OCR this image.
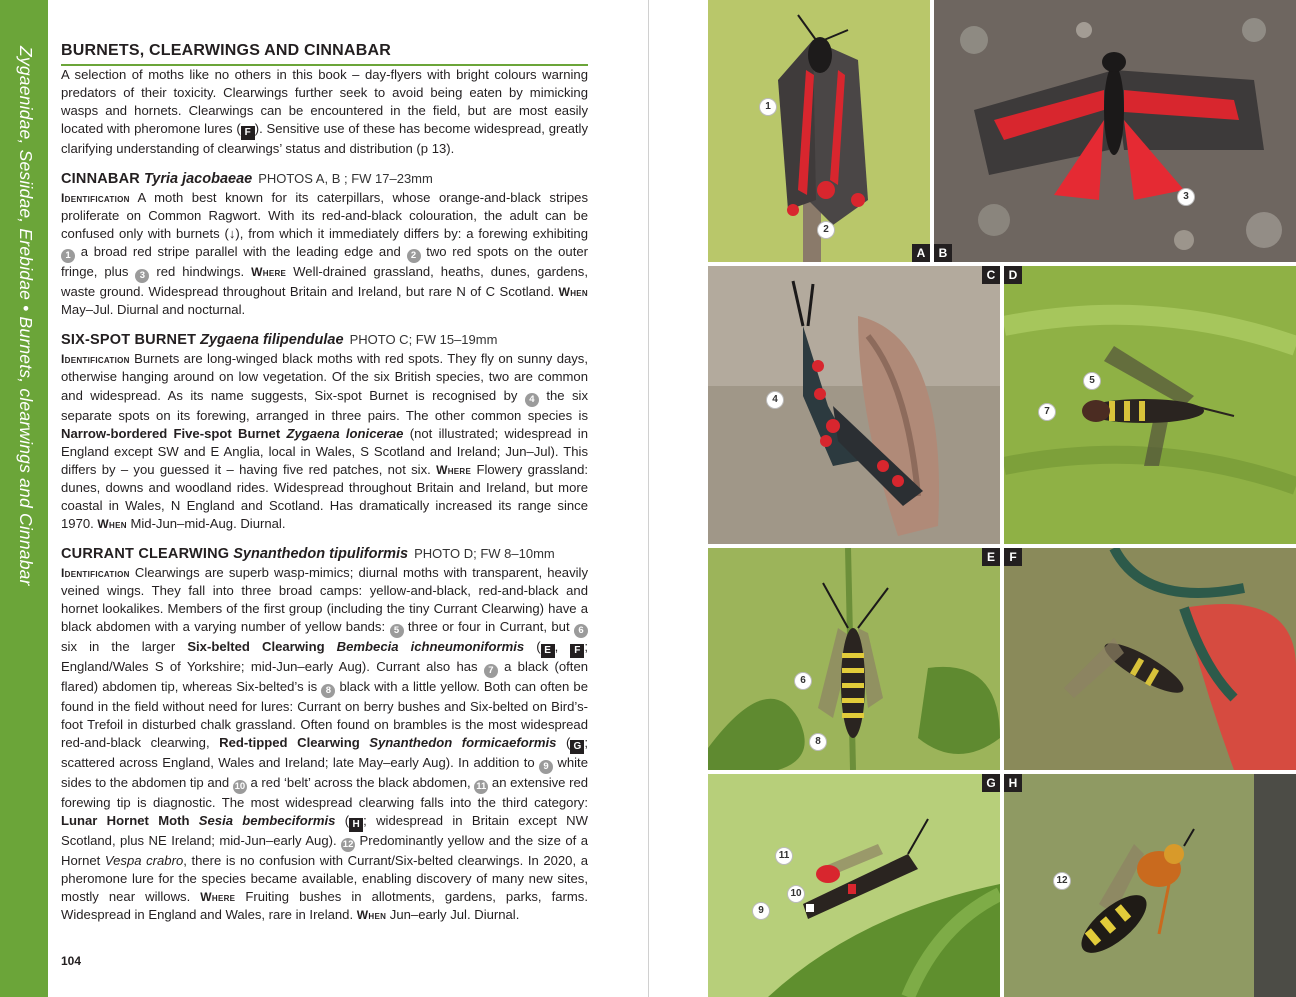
Zygaenidae, Sesiidae, Erebidae • Burnets, clearwings and Cinnabar
BURNETS, CLEARWINGS AND CINNABAR

A selection of moths like no others in this book – day-flyers with bright colours warning predators of their toxicity. Clearwings further seek to avoid being eaten by mimicking wasps and hornets. Clearwings can be encountered in the field, but are most easily located with pheromone lures ( F ). Sensitive use of these has become widespread, greatly clarifying understanding of clearwings’ status and distribution (p 13).

CINNABAR Tyria jacobaeae PHOTOS A, B ; FW 17–23mm

Identification A moth best known for its caterpillars, whose orange-and-black stripes proliferate on Common Ragwort. With its red-and-black colouration, the adult can be confused only with burnets (↓), from which it immediately differs by: a forewing exhibiting 1 a broad red stripe parallel with the leading edge and 2 two red spots on the outer fringe, plus 3 red hindwings. Where Well-drained grassland, heaths, dunes, gardens, waste ground. Widespread throughout Britain and Ireland, but rare N of C Scotland. When May–Jul. Diurnal and nocturnal.

SIX-SPOT BURNET Zygaena filipendulae PHOTO C; FW 15–19mm

Identification Burnets are long-winged black moths with red spots. They fly on sunny days, otherwise hanging around on low vegetation. Of the six British species, two are common and widespread. As its name suggests, Six-spot Burnet is recognised by 4 the six separate spots on its forewing, arranged in three pairs. The other common species is Narrow-bordered Five-spot Burnet Zygaena lonicerae (not illustrated; widespread in England except SW and E Anglia, local in Wales, S Scotland and Ireland; Jun–Jul). This differs by – you guessed it – having five red patches, not six. Where Flowery grassland: dunes, downs and woodland rides. Widespread throughout Britain and Ireland, but more coastal in Wales, N England and Scotland. Has dramatically increased its range since 1970. When Mid-Jun–mid-Aug. Diurnal.

CURRANT CLEARWING Synanthedon tipuliformis PHOTO D; FW 8–10mm

Identification Clearwings are superb wasp-mimics; diurnal moths with transparent, heavily veined wings. They fall into three broad camps: yellow-and-black, red-and-black and hornet lookalikes. Members of the first group (including the tiny Currant Clearwing) have a black abdomen with a varying number of yellow bands: 5 three or four in Currant, but 6 six in the larger Six-belted Clearwing Bembecia ichneumoniformis ( E , F ; England/Wales S of Yorkshire; mid-Jun–early Aug). Currant also has 7 a black (often flared) abdomen tip, whereas Six-belted’s is 8 black with a little yellow. Both can often be found in the field without need for lures: Currant on berry bushes and Six-belted on Bird’s-foot Trefoil in disturbed chalk grassland. Often found on brambles is the most widespread red-and-black clearwing, Red-tipped Clearwing Synanthedon formicaeformis ( G ; scattered across England, Wales and Ireland; late May–early Aug). In addition to 9 white sides to the abdomen tip and 10 a red ‘belt’ across the black abdomen, 11 an extensive red forewing tip is diagnostic. The most widespread clearwing falls into the third category: Lunar Hornet Moth Sesia bembeciformis ( H ; widespread in Britain except NW Scotland, plus NE Ireland; mid-Jun–early Aug). 12 Predominantly yellow and the size of a Hornet Vespa crabro, there is no confusion with Currant/Six-belted clearwings. In 2020, a pheromone lure for the species became available, enabling discovery of many new sites, mostly near willows. Where Fruiting bushes in allotments, gardens, parks, farms. Widespread in England and Wales, rare in Ireland. When Jun–early Jul. Diurnal.

104
1
2
A
3
B
4
C
5
7
D
6
8
E	F
11
10
9
G
12
H
